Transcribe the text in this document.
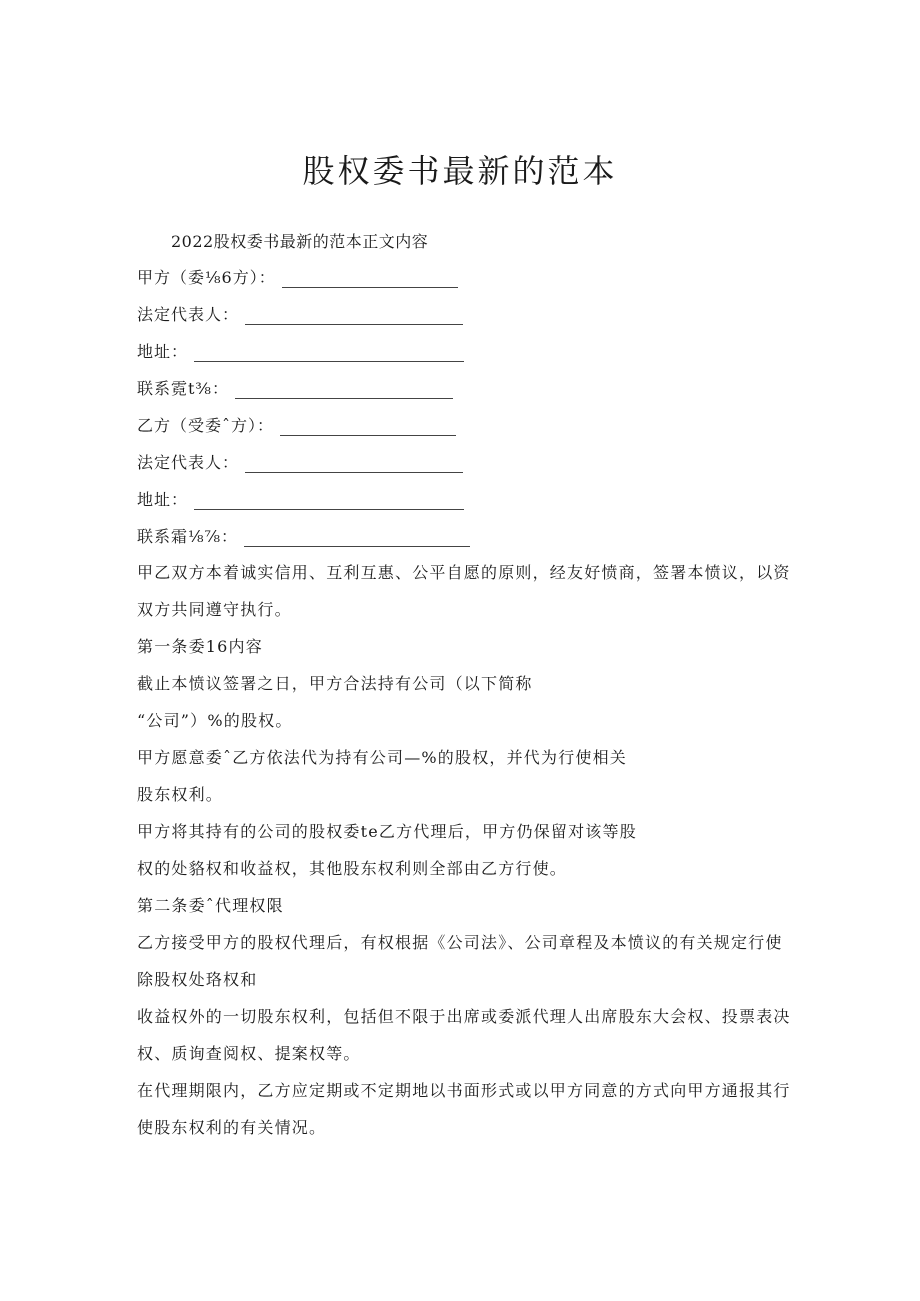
股权委书最新的范本
2022股权委书最新的范本正文内容
甲方（委⅛6方）：
法定代表人：
地址：
联系霓t⅜：
乙方（受委ˆ方）：
法定代表人：
地址：
联系霜⅛⅞：
甲乙双方本着诚实信用、互利互惠、公平自愿的原则，经友好愤商，签署本愤议，以资
双方共同遵守执行。
第一条委16内容
截止本愤议签署之日，甲方合法持有公司（以下简称
“公司”）%的股权。
甲方愿意委ˆ乙方依法代为持有公司—%的股权，并代为行使相关
股东权利。
甲方将其持有的公司的股权委te乙方代理后，甲方仍保留对该等股
权的处貉权和收益权，其他股东权利则全部由乙方行使。
第二条委ˆ代理权限
乙方接受甲方的股权代理后，有权根据《公司法》、公司章程及本愤议的有关规定行使
除股权处珞权和
收益权外的一切股东权利，包括但不限于出席或委派代理人出席股东大会权、投票表决
权、质询查阅权、提案权等。
在代理期限内，乙方应定期或不定期地以书面形式或以甲方同意的方式向甲方通报其行
使股东权利的有关情况。
